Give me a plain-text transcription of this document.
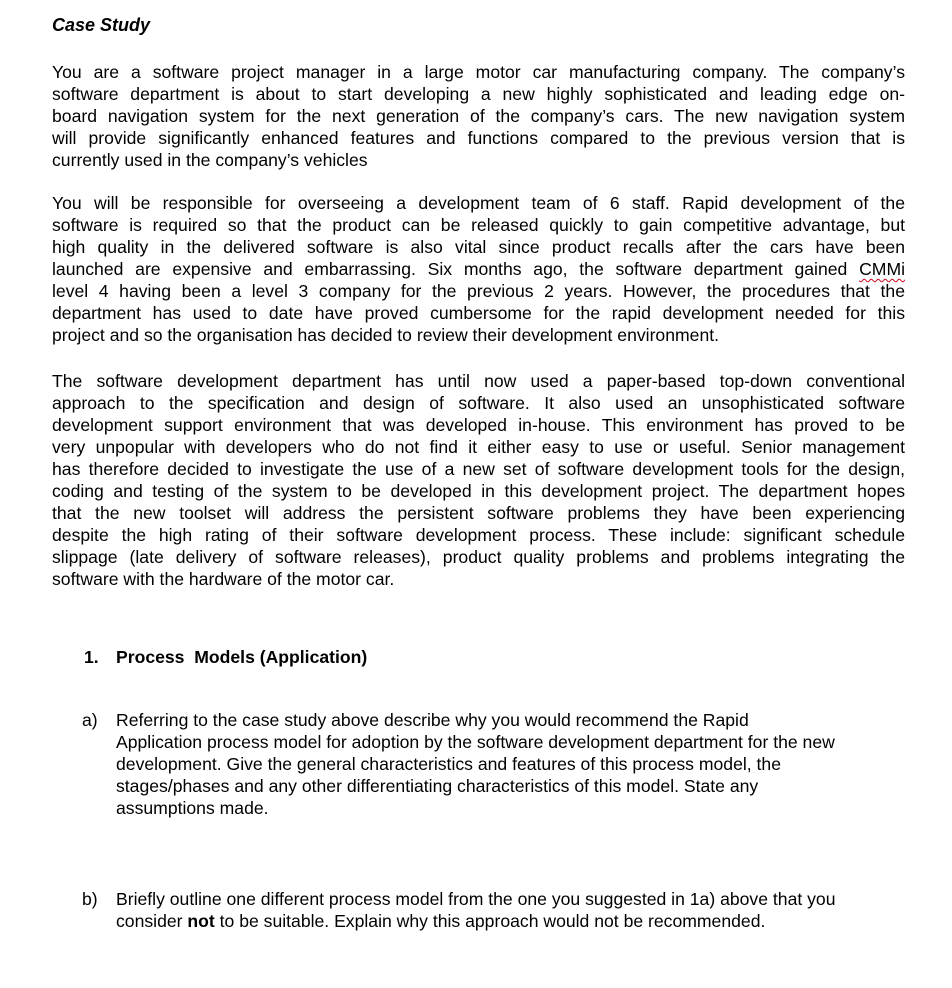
Case Study
You are a software project manager in a large motor car manufacturing company. The company’s
software department is about to start developing a new highly sophisticated and leading edge on-
board navigation system for the next generation of the company’s cars. The new navigation system
will provide significantly enhanced features and functions compared to the previous version that is
currently used in the company’s vehicles
You will be responsible for overseeing a development team of 6 staff. Rapid development of the
software is required so that the product can be released quickly to gain competitive advantage, but
high quality in the delivered software is also vital since product recalls after the cars have been
launched are expensive and embarrassing. Six months ago, the software department gained CMMi
level 4 having been a level 3 company for the previous 2 years. However, the procedures that the
department has used to date have proved cumbersome for the rapid development needed for this
project and so the organisation has decided to review their development environment.
The software development department has until now used a paper-based top-down conventional
approach to the specification and design of software. It also used an unsophisticated software
development support environment that was developed in-house. This environment has proved to be
very unpopular with developers who do not find it either easy to use or useful. Senior management
has therefore decided to investigate the use of a new set of software development tools for the design,
coding and testing of the system to be developed in this development project. The department hopes
that the new toolset will address the persistent software problems they have been experiencing
despite the high rating of their software development process. These include: significant schedule
slippage (late delivery of software releases), product quality problems and problems integrating the
software with the hardware of the motor car.
1. Process  Models (Application)
a) Referring to the case study above describe why you would recommend the Rapid
Application process model for adoption by the software development department for the new
development. Give the general characteristics and features of this process model, the
stages/phases and any other differentiating characteristics of this model. State any
assumptions made.
b) Briefly outline one different process model from the one you suggested in 1a) above that you
consider not to be suitable. Explain why this approach would not be recommended.
